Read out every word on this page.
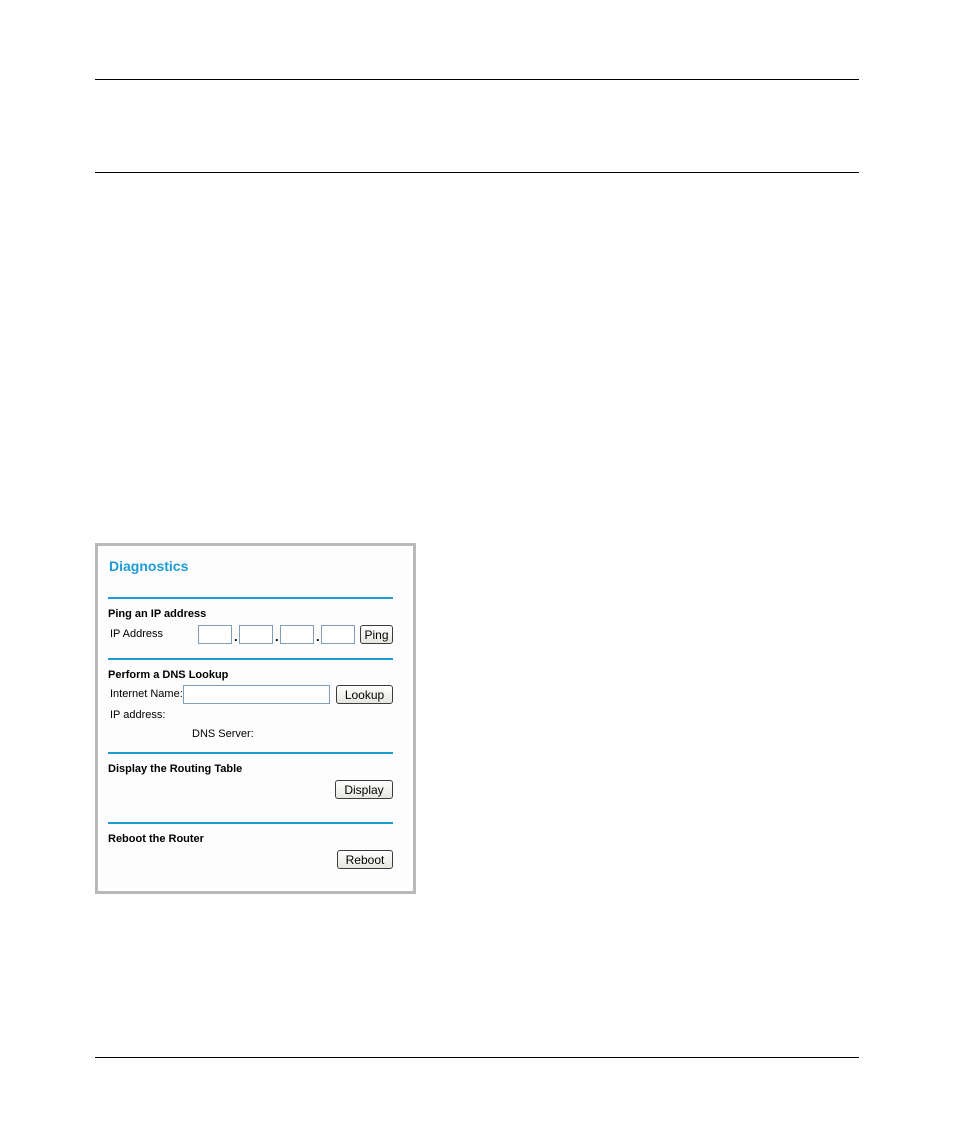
Diagnostics
Ping an IP address
IP Address	.	.	.	Ping
Perform a DNS Lookup
Internet Name:	Lookup
IP address:
DNS Server:
Display the Routing Table
Display
Reboot the Router
Reboot
